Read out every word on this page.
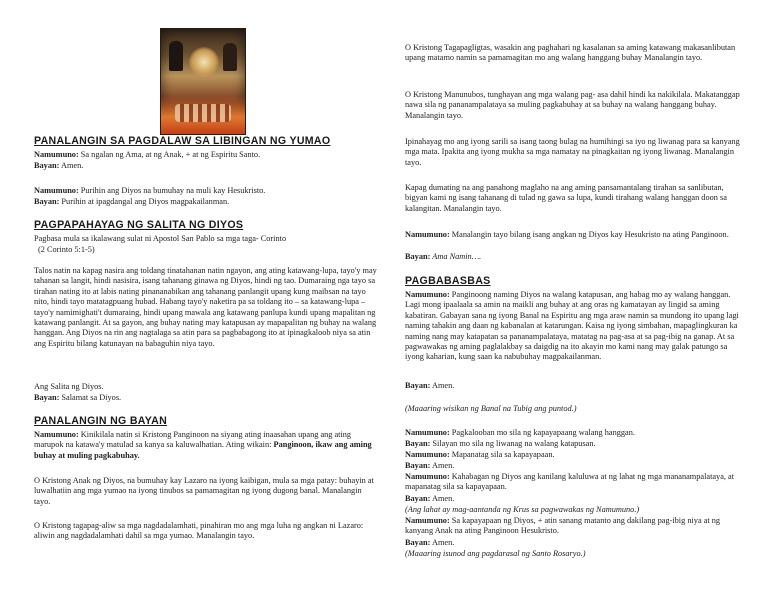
PANALANGIN SA PAGDALAW SA LIBINGAN NG YUMAO

Namumuno: Sa ngalan ng Ama, at ng Anak, + at ng Espiritu Santo.

Bayan: Amen.

Namumuno: Purihin ang Diyos na bumuhay na muli kay Hesukristo.

Bayan: Purihin at ipagdangal ang Diyos magpakailanman.

PAGPAPAHAYAG NG SALITA NG DIYOS

Pagbasa mula sa ikalawang sulat ni Apostol San Pablo sa mga taga- Corinto

(2 Corinto 5:1-5)

Talos natin na kapag nasira ang toldang tinatahanan natin ngayon, ang ating katawang-lupa, tayo'y may tahanan sa langit, hindi nasisira, isang tahanang ginawa ng Diyos, hindi ng tao. Dumaraing nga tayo sa tirahan nating ito at labis nating pinananabikan ang tahanang panlangit upang kung maibsan na tayo nito, hindi tayo matatagpuang hubad. Habang tayo'y naketira pa sa toldang ito – sa katawang-lupa – tayo'y namimighati't dumaraing, hindi upang mawala ang katawang panlupa kundi upang mapalitan ng katawang panlangit. At sa gayon, ang buhay nating may katapusan ay mapapalitan ng buhay na walang hanggan. Ang Diyos na rin ang nagtalaga sa atin para sa pagbabagong ito at ipinagkaloob niya sa atin ang Espiritu bilang katunayan na babaguhin niya tayo.

Ang Salita ng Diyos.

Bayan: Salamat sa Diyos.

PANALANGIN NG BAYAN

Namumuno: Kinikilala natin si Kristong Panginoon na siyang ating inaasahan upang ang ating marupok na katawa'y matulad sa kanya sa kaluwalhatian. Ating wikain: Panginoon, ikaw ang aming buhay at muling pagkabuhay.

O Kristong Anak ng Diyos, na bumuhay kay Lazaro na iyong kaibigan, mula sa mga patay: buhayin at luwalhatiin ang mga yumao na iyong tinubos sa pamamagitan ng iyong dugong banal. Manalangin tayo.

O Kristong tagapag-aliw sa mga nagdadalamhati, pinahiran mo ang mga luha ng angkan ni Lazaro: aliwin ang nagdadalamhati dahil sa mga yumao. Manalangin tayo.

O Kristong Tagapagligtas, wasakin ang paghahari ng kasalanan sa aming katawang makasanlibutan upang matamo namin sa pamamagitan mo ang walang hanggang buhay Manalangin tayo.

O Kristong Manunubos, tunghayan ang mga walang pag- asa dahil hindi ka nakikilala. Makatanggap nawa sila ng pananampalataya sa muling pagkabuhay at sa buhay na walang hanggang buhay. Manalangin tayo.

Ipinahayag mo ang iyong sarili sa isang taong bulag na humihingi sa iyo ng liwanag para sa kanyang mga mata. Ipakita ang iyong mukha sa mga namatay na pinagkaitan ng iyong liwanag. Manalangin tayo.

Kapag dumating na ang panahong maglaho na ang aming pansamantalang tirahan sa sanlibutan, bigyan kami ng isang tahanang di tulad ng gawa sa lupa, kundi tirahang walang hanggan doon sa kalangitan. Manalangin tayo.

Namumuno: Manalangin tayo bilang isang angkan ng Diyos kay Hesukristo na ating Panginoon.

Bayan: Ama Namin….

PAGBABASBAS

Namumuno: Panginoong naming Diyos na walang katapusan, ang habag mo ay walang hanggan. Lagi mong ipaalaala sa amin na maikli ang buhay at ang oras ng kamatayan ay lingid sa aming kabatiran. Gabayan sana ng iyong Banal na Espiritu ang mga araw namin sa mundong ito upang lagi naming tahakin ang daan ng kabanalan at katarungan. Kaisa ng iyong simbahan, mapaglingkuran ka naming nang may katapatan sa pananampalataya, matatag na pag-asa at sa pag-ibig na ganap. At sa pagwawakas ng aming paglalakbay sa daigdig na ito akayin mo kami nang may galak patungo sa iyong kaharian, kung saan ka nabubuhay magpakailanman.

Bayan: Amen.

(Maaaring wisikan ng Banal na Tubig ang puntod.)

Namumuno: Pagkalooban mo sila ng kapayapaang walang hanggan.

Bayan: Silayan mo sila ng liwanag na walang katapusan.

Namumuno: Mapanatag sila sa kapayapaan.

Bayan: Amen.

Namumuno: Kahabagan ng Diyos ang kanilang kaluluwa at ng lahat ng mga mananampalataya, at mapanatag sila sa kapayapaan.

Bayan: Amen.

(Ang lahat ay mag-aantanda ng Krus sa pagwawakas ng Namumuno.)

Namumuno: Sa kapayapaan ng Diyos, + atin sanang matanto ang dakilang pag-ibig niya at ng kanyang Anak na ating Panginoon Hesukristo.

Bayan: Amen.

(Maaaring isunod ang pagdarasal ng Santo Rosaryo.)
